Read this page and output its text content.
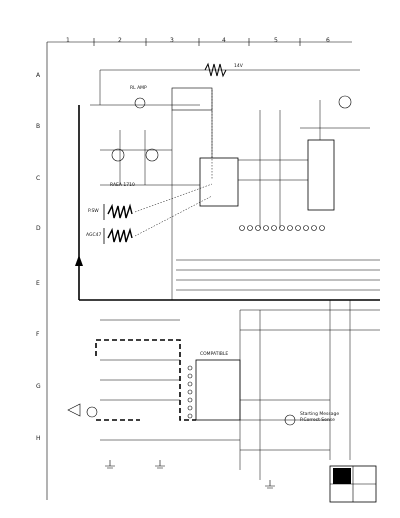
1	2	3	4	5	6
A
B
C
D
E
F
G
H
14V
RL AMP
RAEA 1710
P.SW
AGC47
COMPATIBLE
Starting Message
P.Correct Sense
